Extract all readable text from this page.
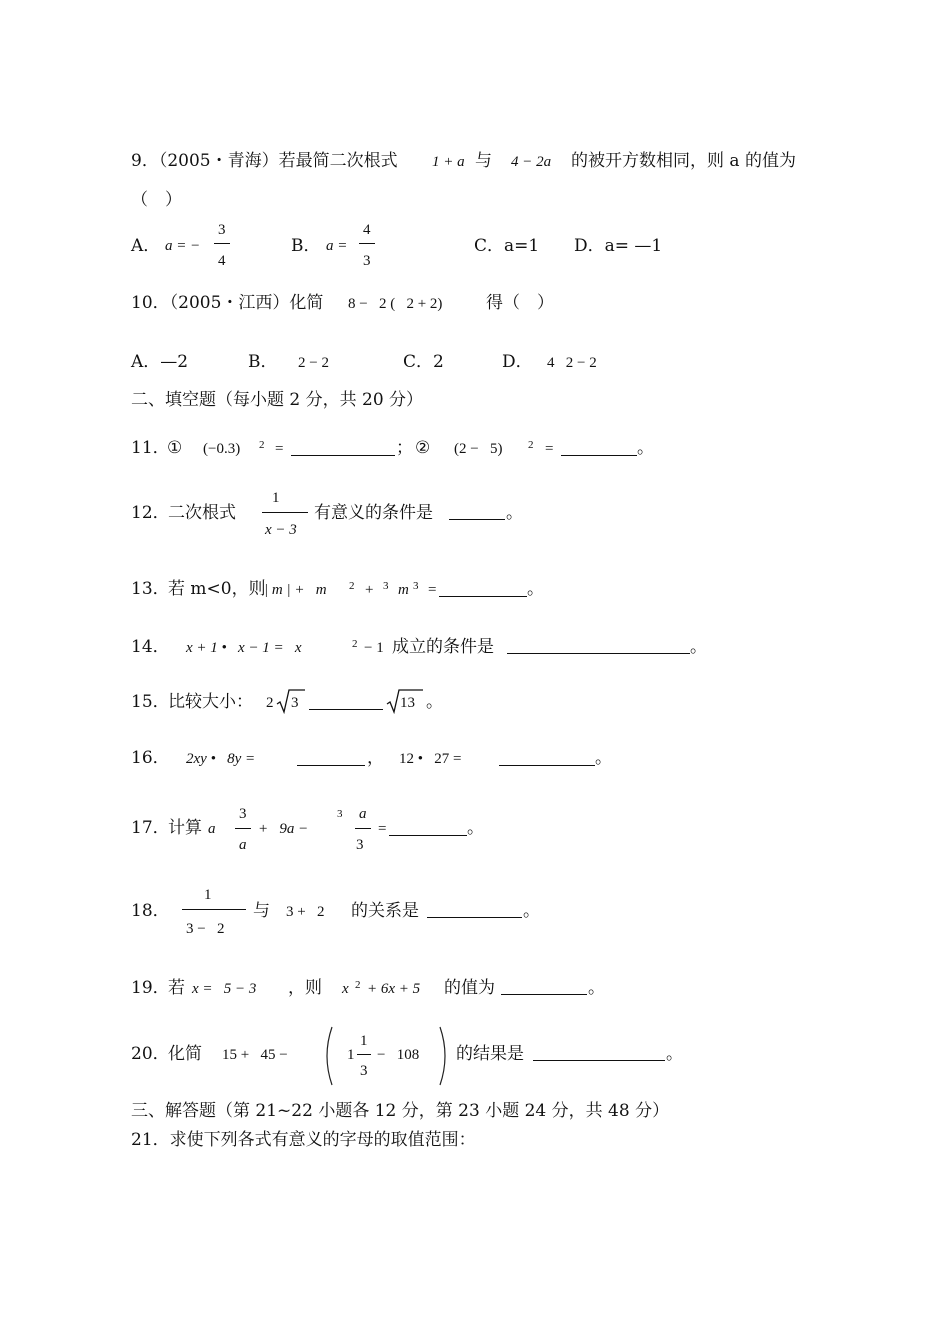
9．（2005・青海）若最简二次根式 1 + a 与 4 − 2a 的被开方数相同，则 a 的值为
（　）
A． a = −
3
4
B． a =
4
3
C．a=1 D．a= —1
10．（2005・江西）化简 8 −   2 (   2 + 2)	得（　）
A．—2	B． 2 − 2	C．2	D． 4   2 − 2
二、填空题（每小题 2 分，共 20 分）
11．
① (−0.3) 2 =	； ② (2 −   5) 2 =	。
12．
二次根式
1
x − 3
有意义的条件是	。
13．
若 m<0，则
| m | +   m 2 + 3 m 3 =	。
14． x + 1 •   x − 1 =   x	2 − 1 成立的条件是	。
15．
比较大小： 2 3	13 。
16． 2xy •   8y =	， 12 •   27 =	。
17．
计算 a
3
a
+   9a −
3 a
3
=	。
18．
1
3 −   2
与 3 +   2 的关系是	。
19．
若 x =   5 − 3 ，则 x 2 + 6x + 5 的值为	。
20．
化简 15 +   45 −	1
1
3
−   108 的结果是	。
三、解答题（第 21~22 小题各 12 分，第 23 小题 24 分，共 48 分）
21．求使下列各式有意义的字母的取值范围：
